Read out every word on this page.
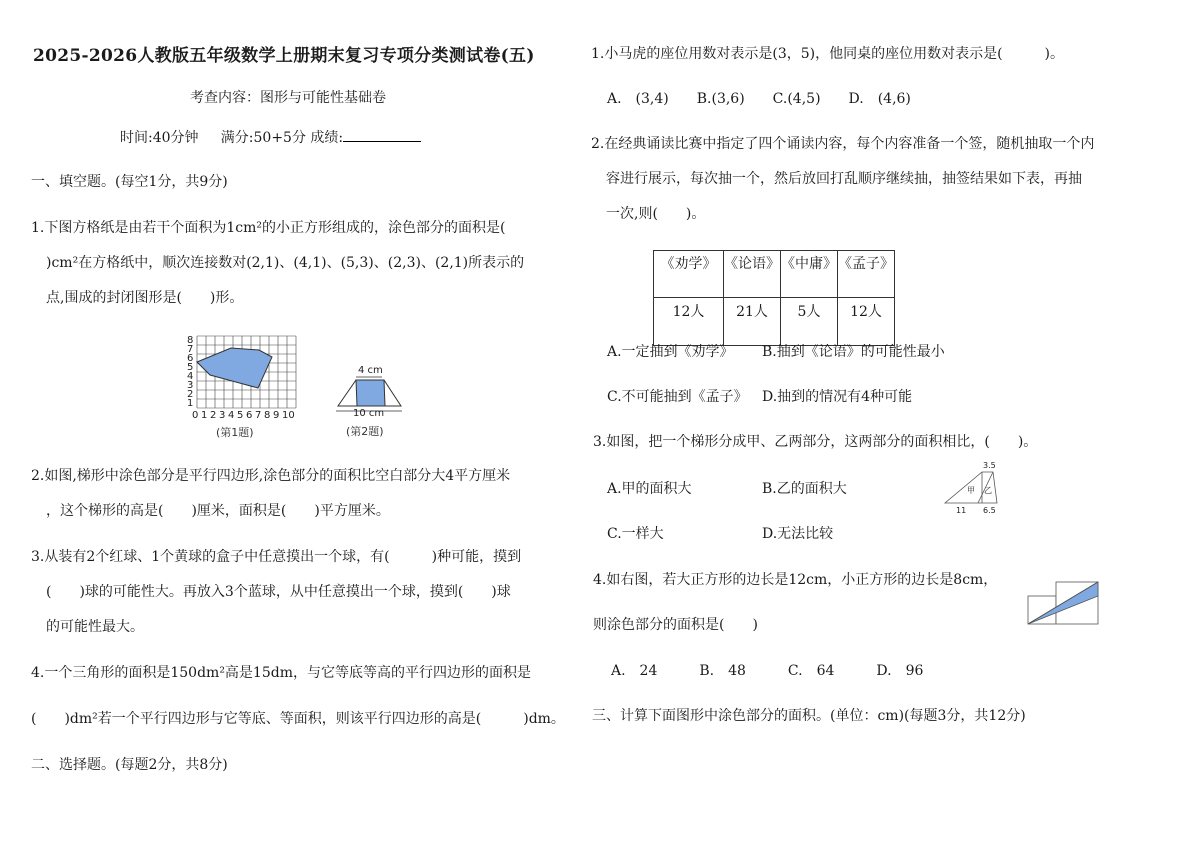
2025-2026人教版五年级数学上册期末复习专项分类测试卷(五)
考查内容：图形与可能性基础卷
时间:40分钟 满分:50+5分 成绩:
一、填空题。(每空1分，共9分)
1.下图方格纸是由若干个面积为1cm²的小正方形组成的，涂色部分的面积是(
)cm²在方格纸中，顺次连接数对(2,1)、(4,1)、(5,3)、(2,3)、(2,1)所表示的
点,围成的封闭图形是(　　)形。
8
7
6
5
4
3
2
1
0 1 2 3 4 5 6 7 8 9 10
(第1题)
4 cm
10 cm
(第2题)
2.如图,梯形中涂色部分是平行四边形,涂色部分的面积比空白部分大4平方厘米
，这个梯形的高是(　　)厘米，面积是(　　)平方厘米。
3.从装有2个红球、1个黄球的盒子中任意摸出一个球，有(　　　)种可能，摸到
(　　)球的可能性大。再放入3个蓝球，从中任意摸出一个球，摸到(　　)球
的可能性最大。
4.一个三角形的面积是150dm²高是15dm，与它等底等高的平行四边形的面积是
(　　)dm²若一个平行四边形与它等底、等面积，则该平行四边形的高是(　　　)dm。
二、选择题。(每题2分，共8分)
1.小马虎的座位用数对表示是(3，5)，他同桌的座位用数对表示是(　　　)。
A.　(3,4)　　B.(3,6)　　C.(4,5)　　D.　(4,6)
2.在经典诵读比赛中指定了四个诵读内容，每个内容准备一个签，随机抽取一个内
容进行展示，每次抽一个，然后放回打乱顺序继续抽，抽签结果如下表，再抽
一次,则(　　)。
《劝学》	《论语》	《中庸》	《孟子》
12人	21人	5人	12人
A.一定抽到《劝学》 B.抽到《论语》的可能性最小
C.不可能抽到《孟子》 D.抽到的情况有4种可能
3.如图，把一个梯形分成甲、乙两部分，这两部分的面积相比，(　　)。
A.甲的面积大	B.乙的面积大
C.一样大	D.无法比较
3.5
甲 乙
11 6.5
4.如右图，若大正方形的边长是12cm，小正方形的边长是8cm，
则涂色部分的面积是(　　)
A.　24　　　B.　48　　　C.　64　　　D.　96
三、计算下面图形中涂色部分的面积。(单位：cm)(每题3分，共12分)
